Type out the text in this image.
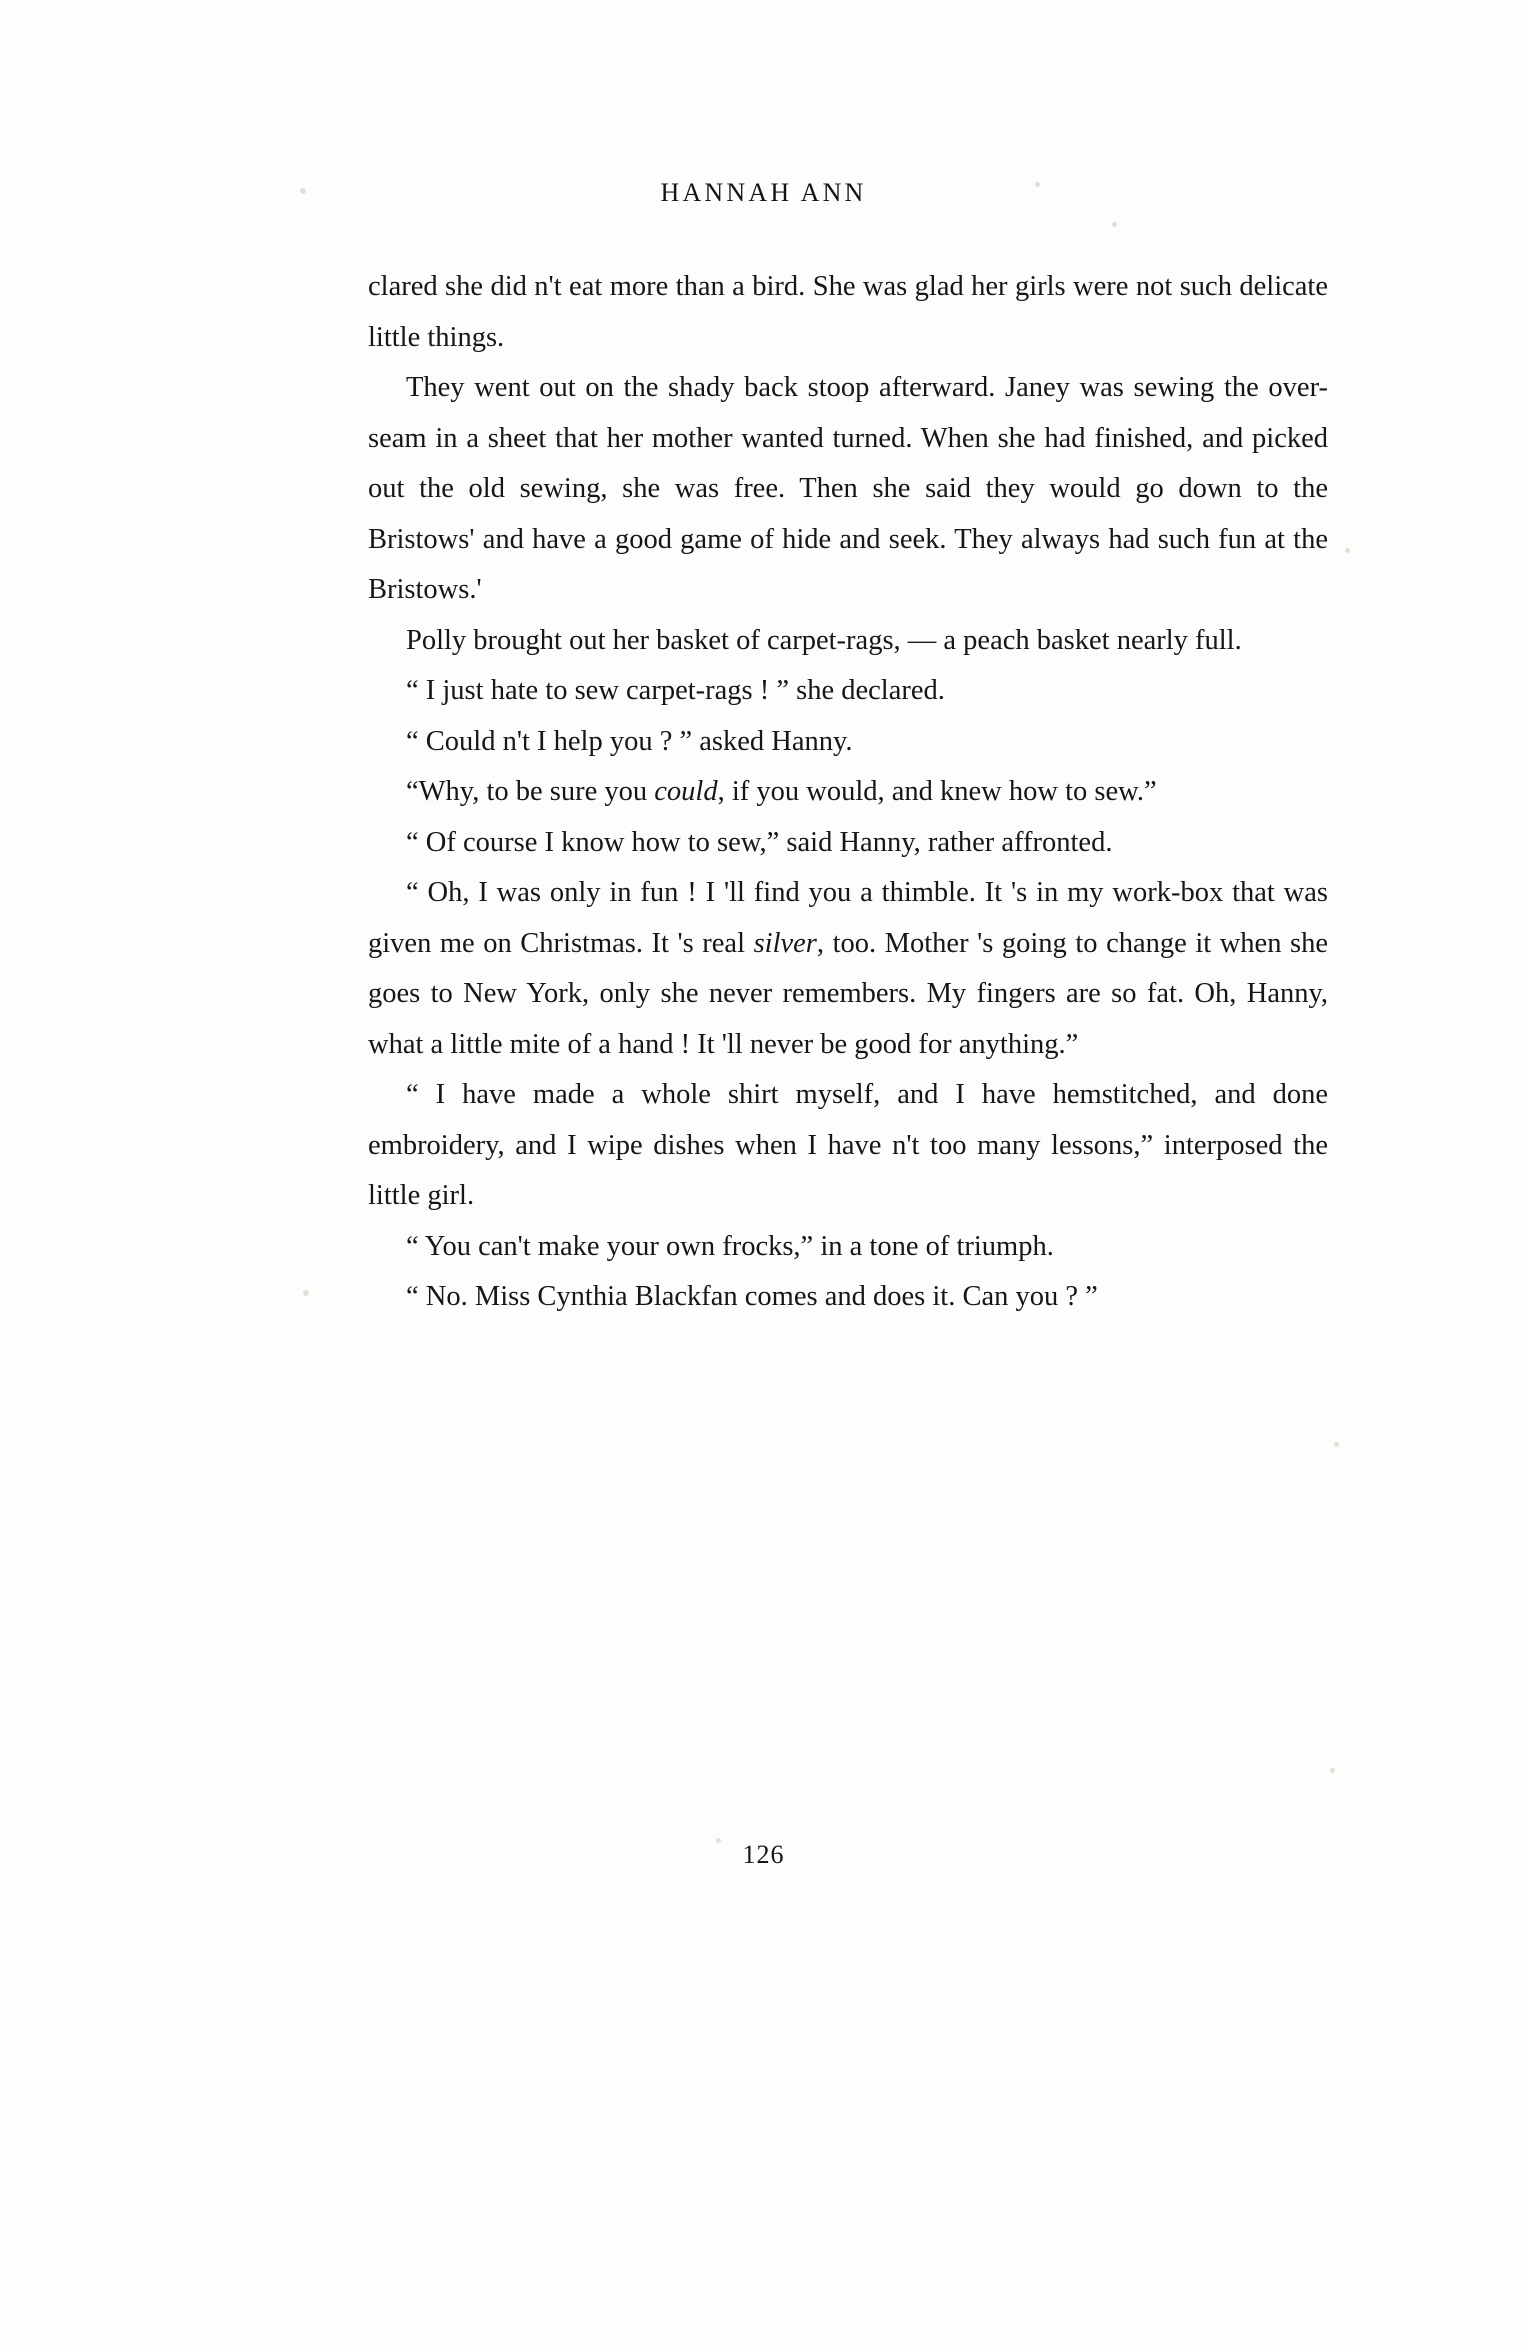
HANNAH ANN

clared she did n't eat more than a bird. She was glad her girls were not such delicate little things.

They went out on the shady back stoop afterward. Janey was sewing the over-seam in a sheet that her mother wanted turned. When she had finished, and picked out the old sewing, she was free. Then she said they would go down to the Bristows' and have a good game of hide and seek. They always had such fun at the Bristows.'

Polly brought out her basket of carpet-rags, — a peach basket nearly full.

“ I just hate to sew carpet-rags ! ” she declared.

“ Could n't I help you ? ” asked Hanny.

“Why, to be sure you could, if you would, and knew how to sew.”

“ Of course I know how to sew,” said Hanny, rather affronted.

“ Oh, I was only in fun ! I 'll find you a thimble. It 's in my work-box that was given me on Christmas. It 's real silver, too. Mother 's going to change it when she goes to New York, only she never remembers. My fingers are so fat. Oh, Hanny, what a little mite of a hand ! It 'll never be good for anything.”

“ I have made a whole shirt myself, and I have hemstitched, and done embroidery, and I wipe dishes when I have n't too many lessons,” interposed the little girl.

“ You can't make your own frocks,” in a tone of triumph.

“ No. Miss Cynthia Blackfan comes and does it. Can you ? ”

126
